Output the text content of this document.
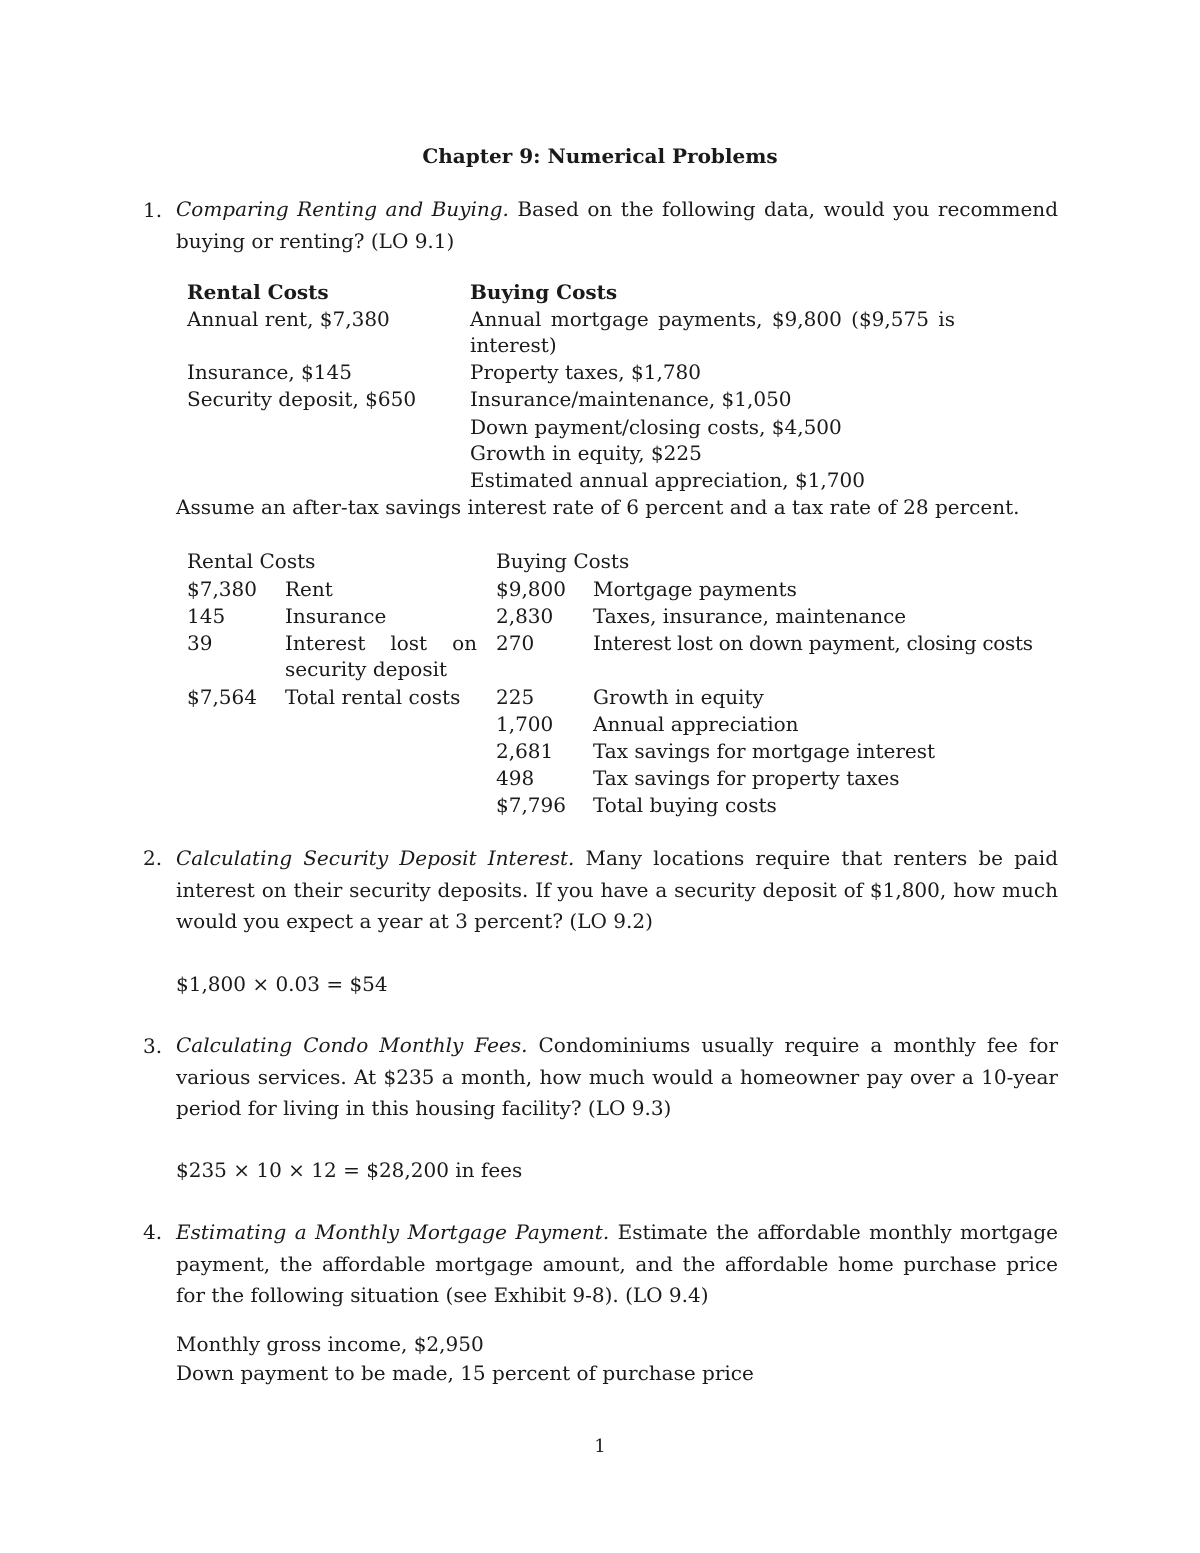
Chapter 9: Numerical Problems
1. Comparing Renting and Buying. Based on the following data, would you recommend buying or renting? (LO 9.1)
Rental Costs
Annual rent, $7,380
Insurance, $145
Security deposit, $650
Buying Costs
Annual mortgage payments, $9,800 ($9,575 is
interest)
Property taxes, $1,780
Insurance/maintenance, $1,050
Down payment/closing costs, $4,500
Growth in equity, $225
Estimated annual appreciation, $1,700
Assume an after-tax savings interest rate of 6 percent and a tax rate of 28 percent.
Rental Costs
$7,380 Rent
145	Insurance
39	Interest lost on security deposit
$7,564 Total rental costs
Buying Costs
$9,800 Mortgage payments
2,830 Taxes, insurance, maintenance
270	Interest lost on down payment, closing costs
225	Growth in equity
1,700 Annual appreciation
2,681 Tax savings for mortgage interest
498	Tax savings for property taxes
$7,796 Total buying costs
2. Calculating Security Deposit Interest. Many locations require that renters be paid interest on their security deposits. If you have a security deposit of $1,800, how much would you expect a year at 3 percent? (LO 9.2)
$1,800 × 0.03 = $54
3. Calculating Condo Monthly Fees. Condominiums usually require a monthly fee for various services. At $235 a month, how much would a homeowner pay over a 10-year period for living in this housing facility? (LO 9.3)
$235 × 10 × 12 = $28,200 in fees
4. Estimating a Monthly Mortgage Payment. Estimate the affordable monthly mortgage payment, the affordable mortgage amount, and the affordable home purchase price for the following situation (see Exhibit 9-8). (LO 9.4)
Monthly gross income, $2,950
Down payment to be made, 15 percent of purchase price
1
